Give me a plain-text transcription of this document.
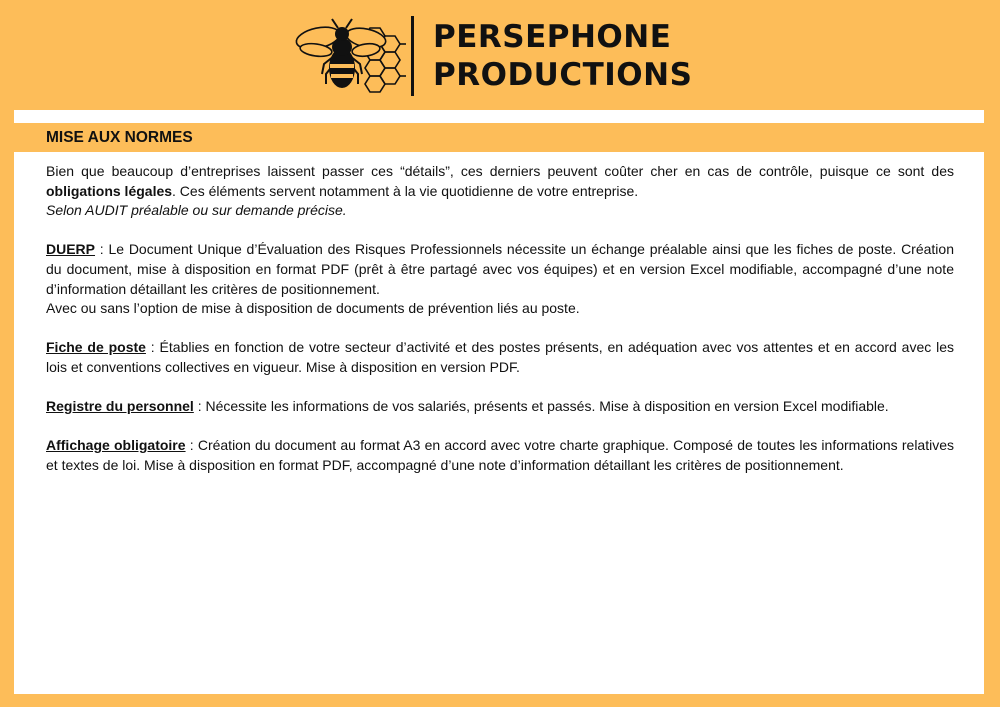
PERSEPHONE
PRODUCTIONS
MISE AUX NORMES

Bien que beaucoup d’entreprises laissent passer ces “détails”, ces derniers peuvent coûter cher en cas de contrôle, puisque ce sont des obligations légales. Ces éléments servent notamment à la vie quotidienne de votre entreprise.
Selon AUDIT préalable ou sur demande précise.

DUERP : Le Document Unique d’Évaluation des Risques Professionnels nécessite un échange préalable ainsi que les fiches de poste. Création du document, mise à disposition en format PDF (prêt à être partagé avec vos équipes) et en version Excel modifiable, accompagné d’une note d’information détaillant les critères de positionnement.
Avec ou sans l’option de mise à disposition de documents de prévention liés au poste.

Fiche de poste : Établies en fonction de votre secteur d’activité et des postes présents, en adéquation avec vos attentes et en accord avec les lois et conventions collectives en vigueur. Mise à disposition en version PDF.

Registre du personnel : Nécessite les informations de vos salariés, présents et passés. Mise à disposition en version Excel modifiable.

Affichage obligatoire : Création du document au format A3 en accord avec votre charte graphique. Composé de toutes les informations relatives et textes de loi. Mise à disposition en format PDF, accompagné d’une note d’information détaillant les critères de positionnement.
